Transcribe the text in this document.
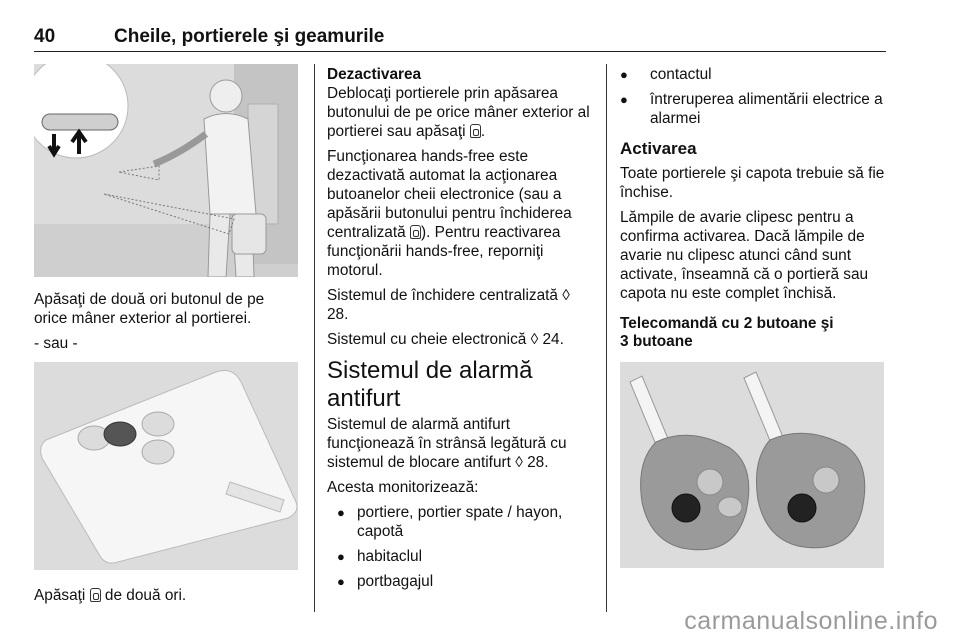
40	Cheile, portierele şi geamurile

Apăsaţi de două ori butonul de pe orice mâner exterior al portierei.

- sau -

Apăsaţi de două ori.

Dezactivarea

Deblocaţi portierele prin apăsarea butonului de pe orice mâner exterior al portierei sau apăsaţi .

Funcţionarea hands-free este dezactivată automat la acţionarea butoanelor cheii electronice (sau a apăsării butonului pentru închiderea centralizată ). Pentru reactivarea funcţionării hands-free, reporniţi motorul.

Sistemul de închidere centralizată ◊ 28.

Sistemul cu cheie electronică ◊ 24.

Sistemul de alarmă antifurt

Sistemul de alarmă antifurt funcţionează în strânsă legătură cu sistemul de blocare antifurt ◊ 28.

Acesta monitorizează:

● portiere, portier spate / hayon, capotă
● habitaclul
● portbagajul
● contactul
● întreruperea alimentării electrice a alarmei
Activarea

Toate portierele şi capota trebuie să fie închise.

Lămpile de avarie clipesc pentru a confirma activarea. Dacă lămpile de avarie nu clipesc atunci când sunt activate, înseamnă că o portieră sau capota nu este complet închisă.

Telecomandă cu 2 butoane şi
3 butoane

carmanualsonline.info
